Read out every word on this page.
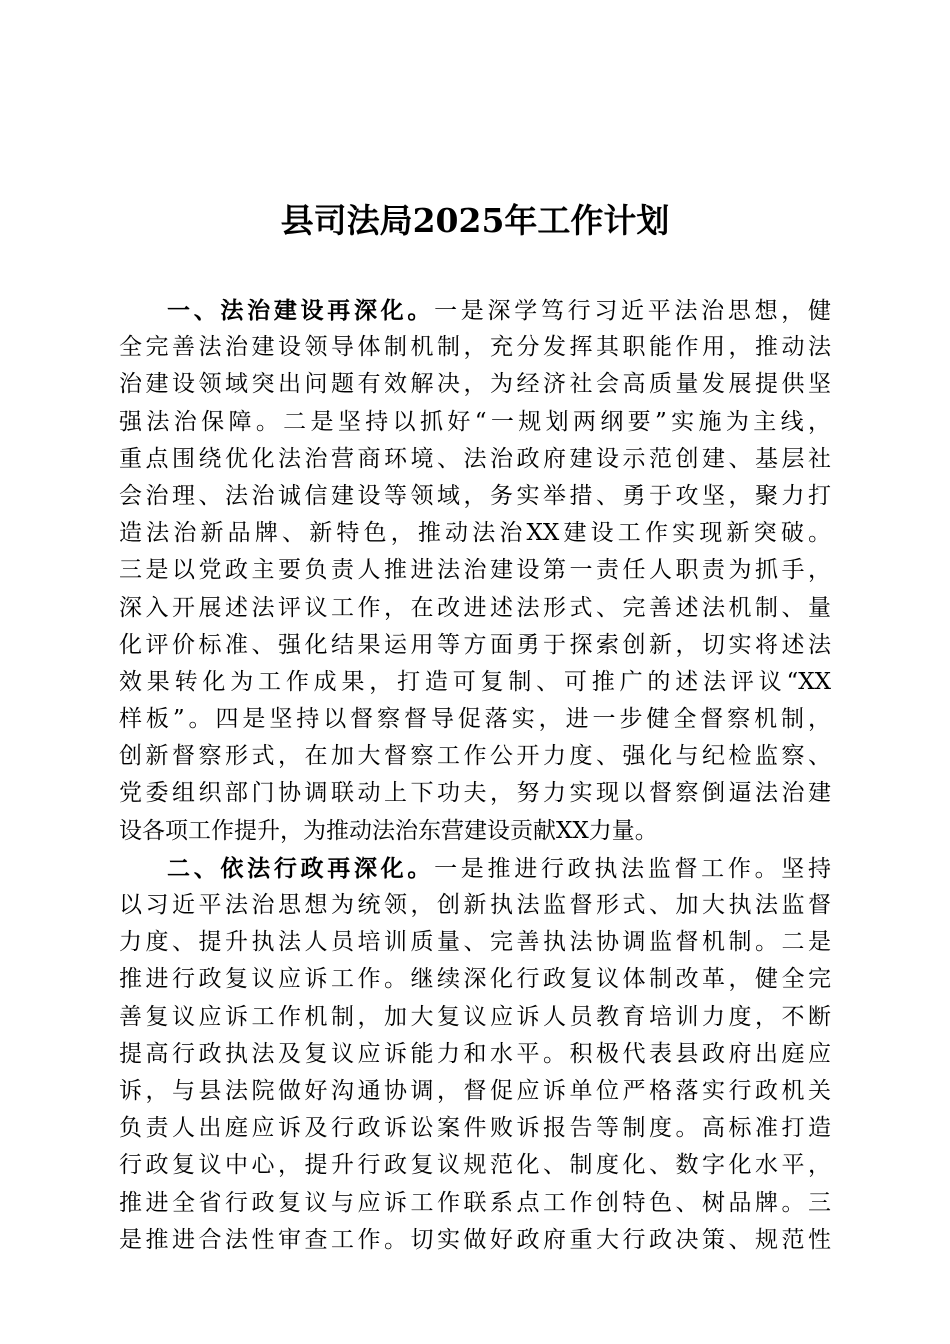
县司法局2025年工作计划
一、法治建设再深化。一是深学笃行习近平法治思想，健
全完善法治建设领导体制机制，充分发挥其职能作用，推动法
治建设领域突出问题有效解决，为经济社会高质量发展提供坚
强法治保障。二是坚持以抓好“一规划两纲要”实施为主线，
重点围绕优化法治营商环境、法治政府建设示范创建、基层社
会治理、法治诚信建设等领域，务实举措、勇于攻坚，聚力打
造法治新品牌、新特色，推动法治XX建设工作实现新突破。
三是以党政主要负责人推进法治建设第一责任人职责为抓手，
深入开展述法评议工作，在改进述法形式、完善述法机制、量
化评价标准、强化结果运用等方面勇于探索创新，切实将述法
效果转化为工作成果，打造可复制、可推广的述法评议“XX
样板”。四是坚持以督察督导促落实，进一步健全督察机制，
创新督察形式，在加大督察工作公开力度、强化与纪检监察、
党委组织部门协调联动上下功夫，努力实现以督察倒逼法治建
设各项工作提升，为推动法治东营建设贡献XX力量。
二、依法行政再深化。一是推进行政执法监督工作。坚持
以习近平法治思想为统领，创新执法监督形式、加大执法监督
力度、提升执法人员培训质量、完善执法协调监督机制。二是
推进行政复议应诉工作。继续深化行政复议体制改革，健全完
善复议应诉工作机制，加大复议应诉人员教育培训力度，不断
提高行政执法及复议应诉能力和水平。积极代表县政府出庭应
诉，与县法院做好沟通协调，督促应诉单位严格落实行政机关
负责人出庭应诉及行政诉讼案件败诉报告等制度。高标准打造
行政复议中心，提升行政复议规范化、制度化、数字化水平，
推进全省行政复议与应诉工作联系点工作创特色、树品牌。三
是推进合法性审查工作。切实做好政府重大行政决策、规范性
